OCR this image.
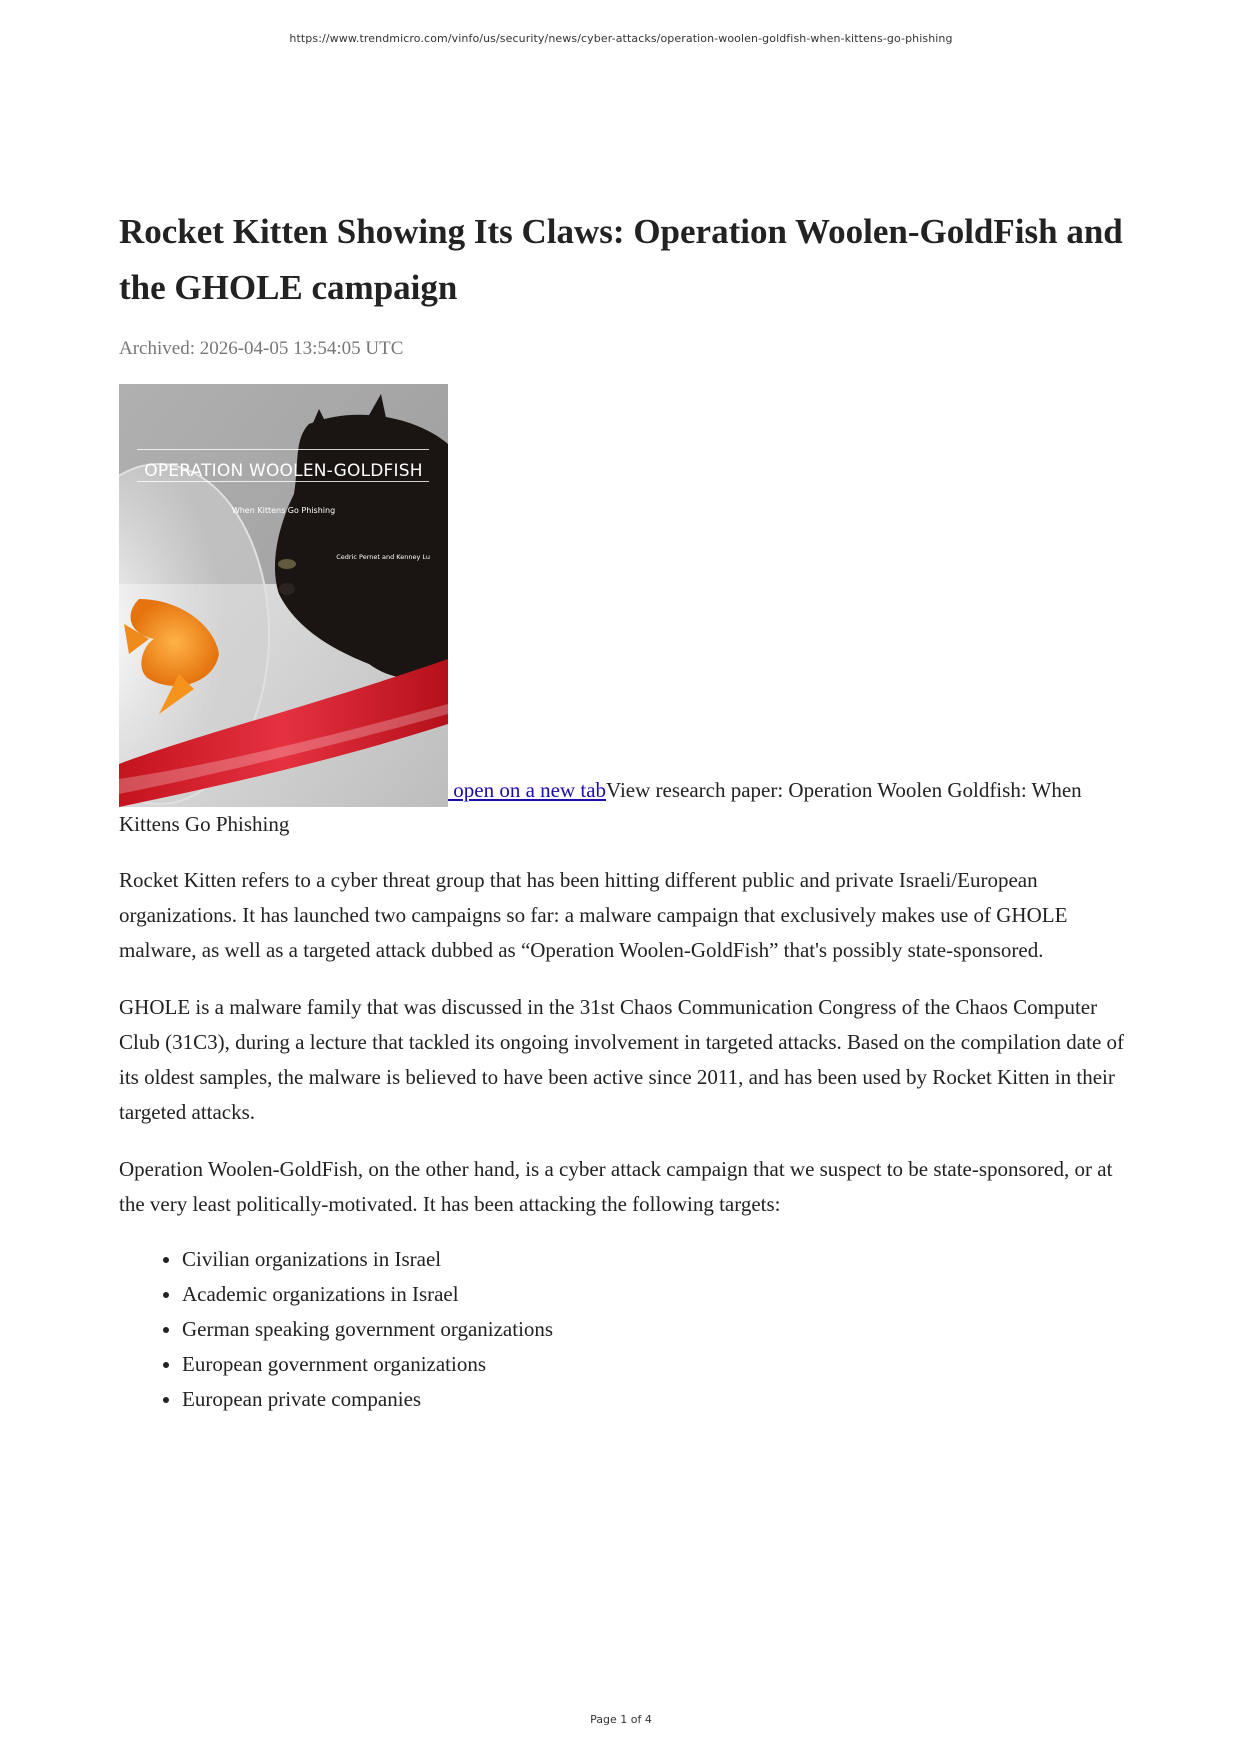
https://www.trendmicro.com/vinfo/us/security/news/cyber-attacks/operation-woolen-goldfish-when-kittens-go-phishing
Rocket Kitten Showing Its Claws: Operation Woolen-GoldFish and the GHOLE campaign
Archived: 2026-04-05 13:54:05 UTC
OPERATION WOOLEN-GOLDFISH
When Kittens Go Phishing
Cedric Pernet and Kenney Lu
open on a new tabView research paper: Operation Woolen Goldfish: When Kittens Go Phishing

Rocket Kitten refers to a cyber threat group that has been hitting different public and private Israeli/European organizations. It has launched two campaigns so far: a malware campaign that exclusively makes use of GHOLE malware, as well as a targeted attack dubbed as “Operation Woolen-GoldFish” that's possibly state-sponsored.

GHOLE is a malware family that was discussed in the 31st Chaos Communication Congress of the Chaos Computer Club (31C3), during a lecture that tackled its ongoing involvement in targeted attacks. Based on the compilation date of its oldest samples, the malware is believed to have been active since 2011, and has been used by Rocket Kitten in their targeted attacks.

Operation Woolen-GoldFish, on the other hand, is a cyber attack campaign that we suspect to be state-sponsored, or at the very least politically-motivated. It has been attacking the following targets:

• Civilian organizations in Israel
• Academic organizations in Israel
• German speaking government organizations
• European government organizations
• European private companies
Page 1 of 4
